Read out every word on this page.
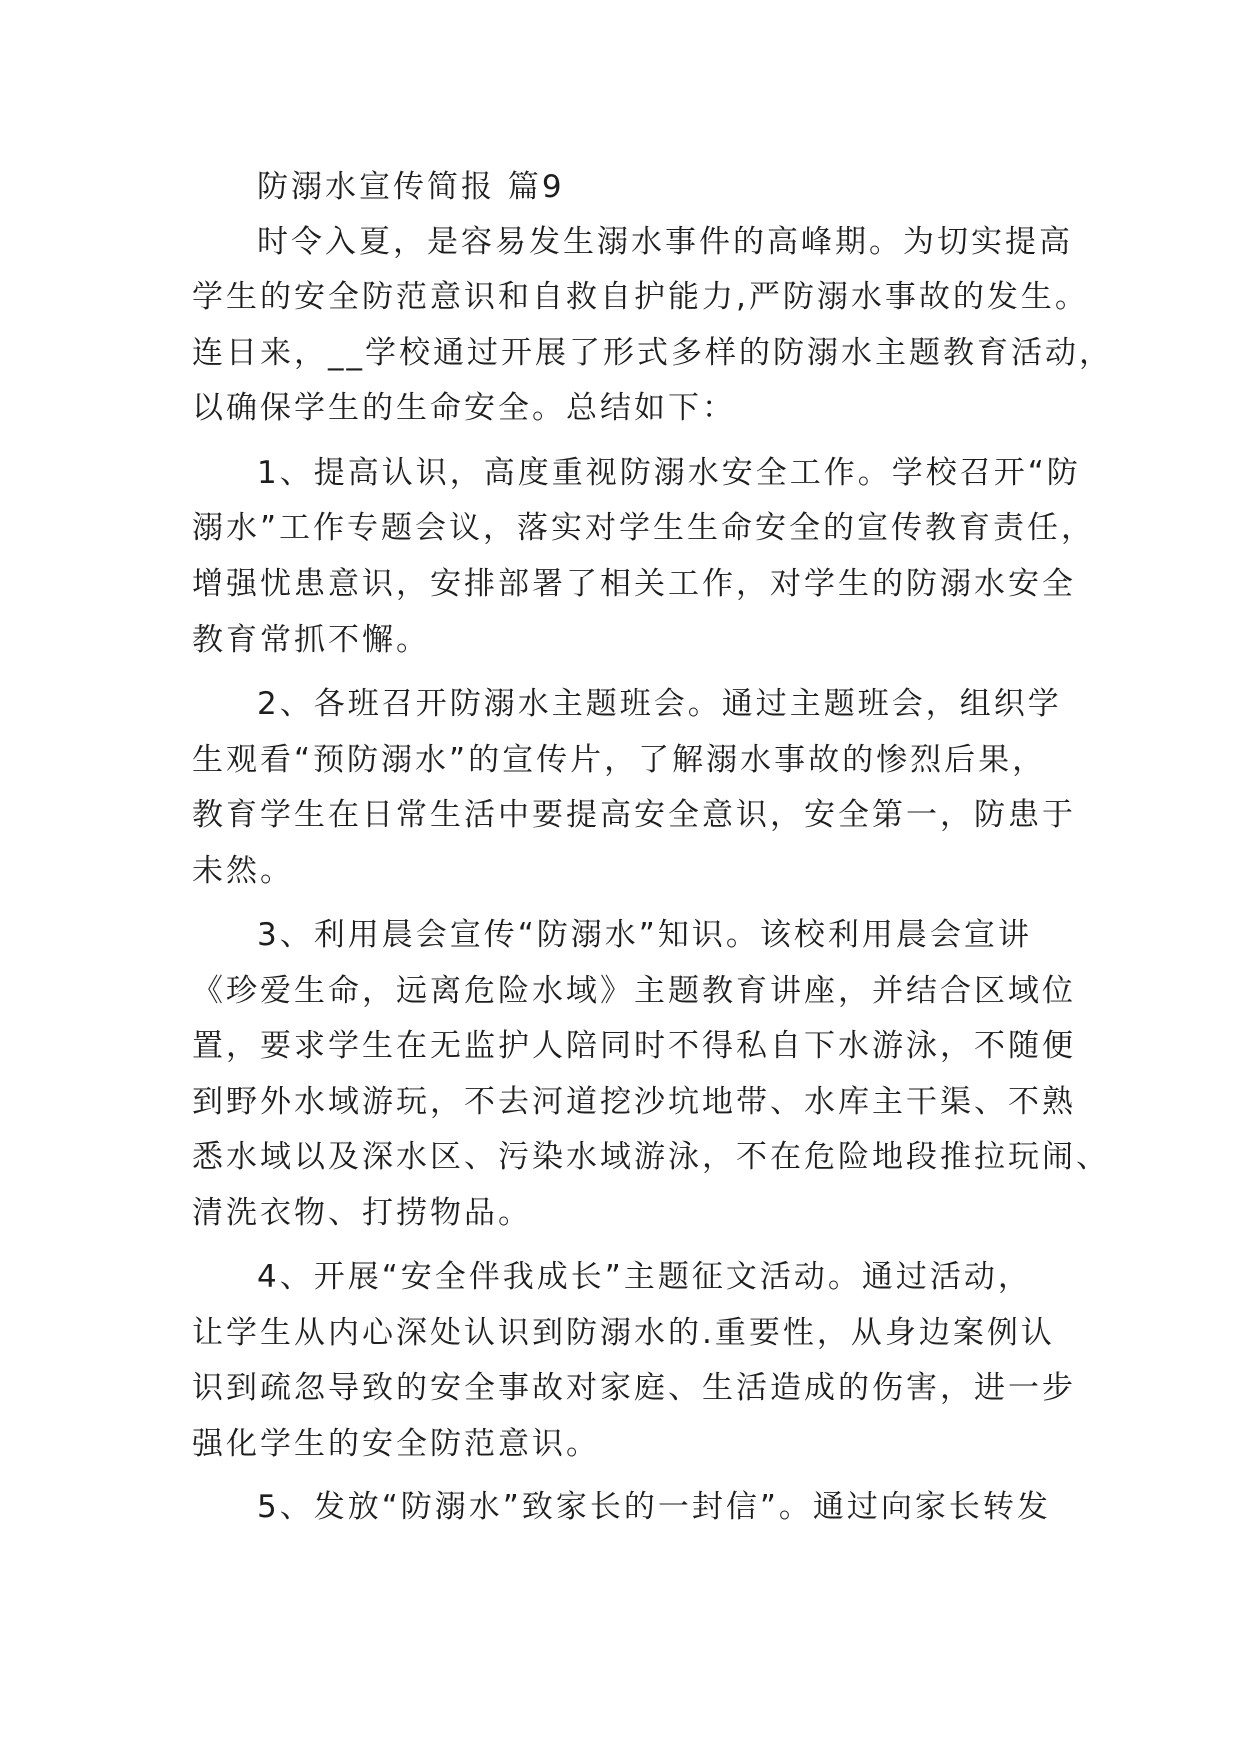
防溺水宣传简报 篇9
时令入夏，是容易发生溺水事件的高峰期。为切实提高
学生的安全防范意识和自救自护能力,严防溺水事故的发生。
连日来，__学校通过开展了形式多样的防溺水主题教育活动，
以确保学生的生命安全。总结如下：
1、提高认识，高度重视防溺水安全工作。学校召开“防
溺水”工作专题会议，落实对学生生命安全的宣传教育责任，
增强忧患意识，安排部署了相关工作，对学生的防溺水安全
教育常抓不懈。
2、各班召开防溺水主题班会。通过主题班会，组织学
生观看“预防溺水”的宣传片，了解溺水事故的惨烈后果，
教育学生在日常生活中要提高安全意识，安全第一，防患于
未然。
3、利用晨会宣传“防溺水”知识。该校利用晨会宣讲
《珍爱生命，远离危险水域》主题教育讲座，并结合区域位
置，要求学生在无监护人陪同时不得私自下水游泳，不随便
到野外水域游玩，不去河道挖沙坑地带、水库主干渠、不熟
悉水域以及深水区、污染水域游泳，不在危险地段推拉玩闹、
清洗衣物、打捞物品。
4、开展“安全伴我成长”主题征文活动。通过活动，
让学生从内心深处认识到防溺水的.重要性，从身边案例认
识到疏忽导致的安全事故对家庭、生活造成的伤害，进一步
强化学生的安全防范意识。
5、发放“防溺水”致家长的一封信”。通过向家长转发
